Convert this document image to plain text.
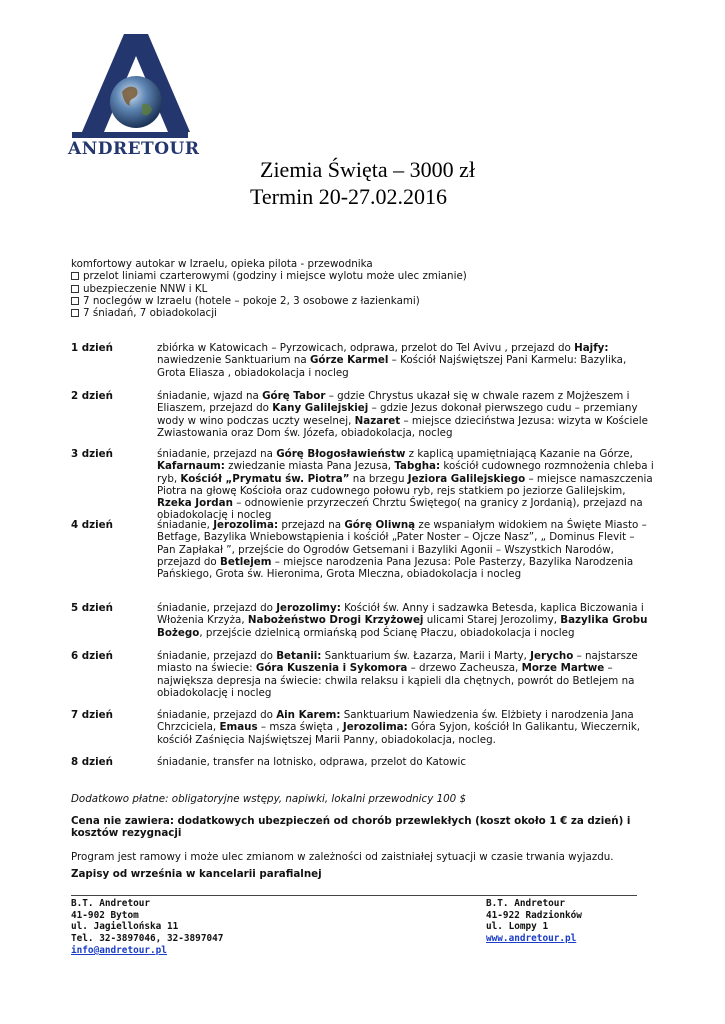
ANDRETOUR
Ziemia Święta – 3000 zł
Termin 20-27.02.2016
komfortowy autokar w Izraelu, opieka pilota - przewodnika
przelot liniami czarterowymi (godziny i miejsce wylotu może ulec zmianie)
ubezpieczenie NNW i KL
7 noclegów w Izraelu (hotele – pokoje 2, 3 osobowe z łazienkami)
7 śniadań, 7 obiadokolacji
1 dzień	zbiórka w Katowicach – Pyrzowicach, odprawa, przelot do Tel Avivu , przejazd do Hajfy: nawiedzenie Sanktuarium na Górze Karmel – Kościół Najświętszej Pani Karmelu: Bazylika, Grota Eliasza , obiadokolacja i nocleg
2 dzień	śniadanie, wjazd na Górę Tabor – gdzie Chrystus ukazał się w chwale razem z Mojżeszem i Eliaszem, przejazd do Kany Galilejskiej – gdzie Jezus dokonał pierwszego cudu – przemiany wody w wino podczas uczty weselnej, Nazaret – miejsce dzieciństwa Jezusa: wizyta w Kościele Zwiastowania oraz Dom św. Józefa, obiadokolacja, nocleg
3 dzień	śniadanie, przejazd na Górę Błogosławieństw z kaplicą upamiętniającą Kazanie na Górze, Kafarnaum: zwiedzanie miasta Pana Jezusa, Tabgha: kościół cudownego rozmnożenia chleba i ryb, Kościół „Prymatu św. Piotra” na brzegu Jeziora Galilejskiego – miejsce namaszczenia Piotra na głowę Kościoła oraz cudownego połowu ryb, rejs statkiem po jeziorze Galilejskim, Rzeka Jordan – odnowienie przyrzeczeń Chrztu Świętego( na granicy z Jordanią), przejazd na obiadokolację i nocleg
4 dzień	śniadanie, Jerozolima: przejazd na Górę Oliwną ze wspaniałym widokiem na Święte Miasto – Betfage, Bazylika Wniebowstąpienia i kościół „Pater Noster – Ojcze Nasz”, „ Dominus Flevit – Pan Zapłakał ”, przejście do Ogrodów Getsemani i Bazyliki Agonii – Wszystkich Narodów, przejazd do Betlejem – miejsce narodzenia Pana Jezusa: Pole Pasterzy, Bazylika Narodzenia Pańskiego, Grota św. Hieronima, Grota Mleczna, obiadokolacja i nocleg
5 dzień	śniadanie, przejazd do Jerozolimy: Kościół św. Anny i sadzawka Betesda, kaplica Biczowania i Włożenia Krzyża, Nabożeństwo Drogi Krzyżowej ulicami Starej Jerozolimy, Bazylika Grobu Bożego, przejście dzielnicą ormiańską pod Ścianę Płaczu, obiadokolacja i nocleg
6 dzień	śniadanie, przejazd do Betanii: Sanktuarium św. Łazarza, Marii i Marty, Jerycho – najstarsze miasto na świecie: Góra Kuszenia i Sykomora – drzewo Zacheusza, Morze Martwe – największa depresja na świecie: chwila relaksu i kąpieli dla chętnych, powrót do Betlejem na obiadokolację i nocleg
7 dzień	śniadanie, przejazd do Ain Karem: Sanktuarium Nawiedzenia św. Elżbiety i narodzenia Jana Chrzciciela, Emaus – msza święta , Jerozolima: Góra Syjon, kościół In Galikantu, Wieczernik, kościół Zaśnięcia Najświętszej Marii Panny, obiadokolacja, nocleg.
8 dzień	śniadanie, transfer na lotnisko, odprawa, przelot do Katowic
Dodatkowo płatne: obligatoryjne wstępy, napiwki, lokalni przewodnicy 100 $
Cena nie zawiera: dodatkowych ubezpieczeń od chorób przewlekłych (koszt około 1 € za dzień) i kosztów rezygnacji
Program jest ramowy i może ulec zmianom w zależności od zaistniałej sytuacji w czasie trwania wyjazdu.
Zapisy od września w kancelarii parafialnej
B.T. Andretour
41-902 Bytom
ul. Jagiellońska 11
Tel. 32-3897046, 32-3897047
info@andretour.pl
B.T. Andretour
41-922 Radzionków
ul. Lompy 1
www.andretour.pl
